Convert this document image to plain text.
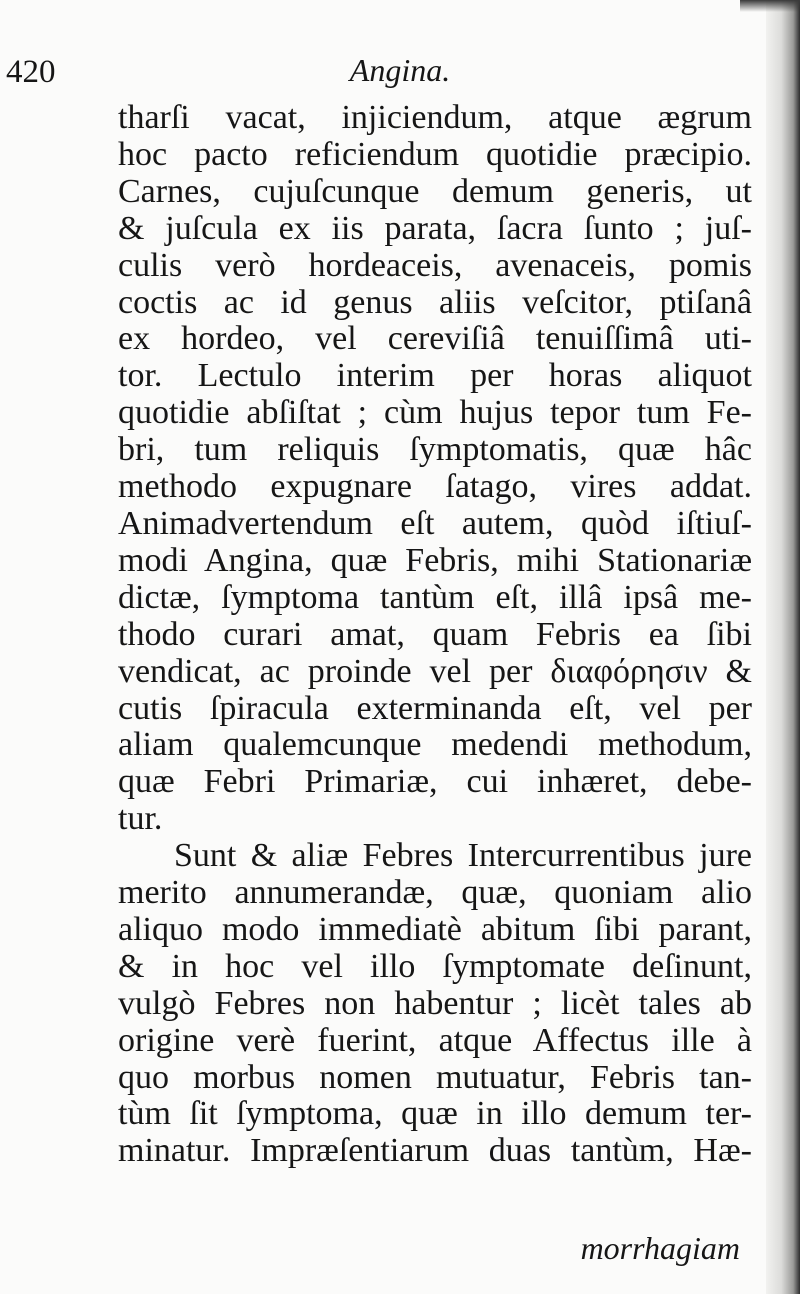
420	Angina.
tharſi vacat, injiciendum, atque ægrum
hoc pacto reficiendum quotidie præcipio.
Carnes, cujuſcunque demum generis, ut
& juſcula ex iis parata, ſacra ſunto ; juſ-
culis verò hordeaceis, avenaceis, pomis
coctis ac id genus aliis veſcitor, ptiſanâ
ex hordeo, vel cereviſiâ tenuiſſimâ uti-
tor. Lectulo interim per horas aliquot
quotidie abſiſtat ; cùm hujus tepor tum Fe-
bri, tum reliquis ſymptomatis, quæ hâc
methodo expugnare ſatago, vires addat.
Animadvertendum eſt autem, quòd iſtiuſ-
modi Angina, quæ Febris, mihi Stationariæ
dictæ, ſymptoma tantùm eſt, illâ ipsâ me-
thodo curari amat, quam Febris ea ſibi
vendicat, ac proinde vel per διαφόρησιν &
cutis ſpiracula exterminanda eſt, vel per
aliam qualemcunque medendi methodum,
quæ Febri Primariæ, cui inhæret, debe-
tur.
Sunt & aliæ Febres Intercurrentibus jure
merito annumerandæ, quæ, quoniam alio
aliquo modo immediatè abitum ſibi parant,
& in hoc vel illo ſymptomate deſinunt,
vulgò Febres non habentur ; licèt tales ab
origine verè fuerint, atque Affectus ille à
quo morbus nomen mutuatur, Febris tan-
tùm ſit ſymptoma, quæ in illo demum ter-
minatur. Impræſentiarum duas tantùm, Hæ-
morrhagiam
